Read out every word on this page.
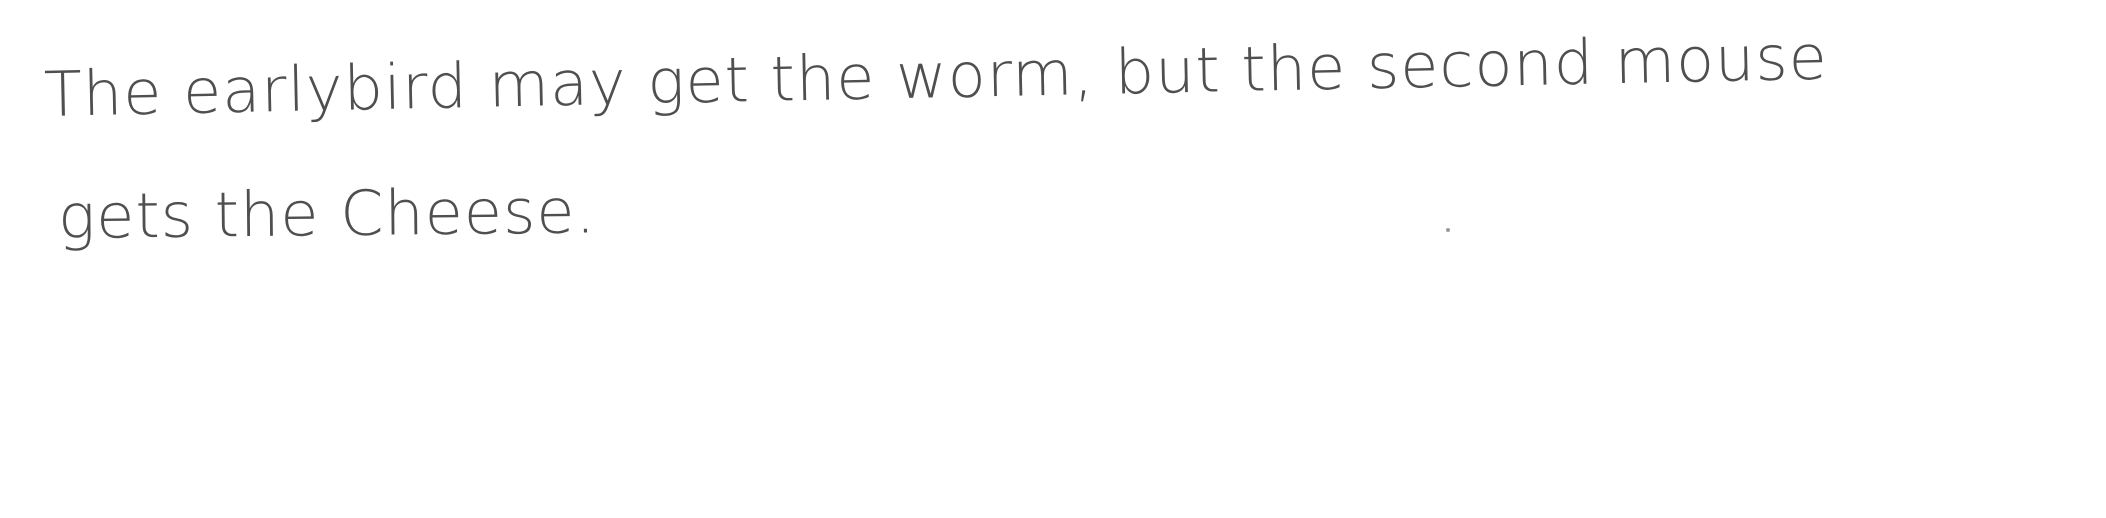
The earlybird may get the worm, but the second mouse

gets the Cheese.
